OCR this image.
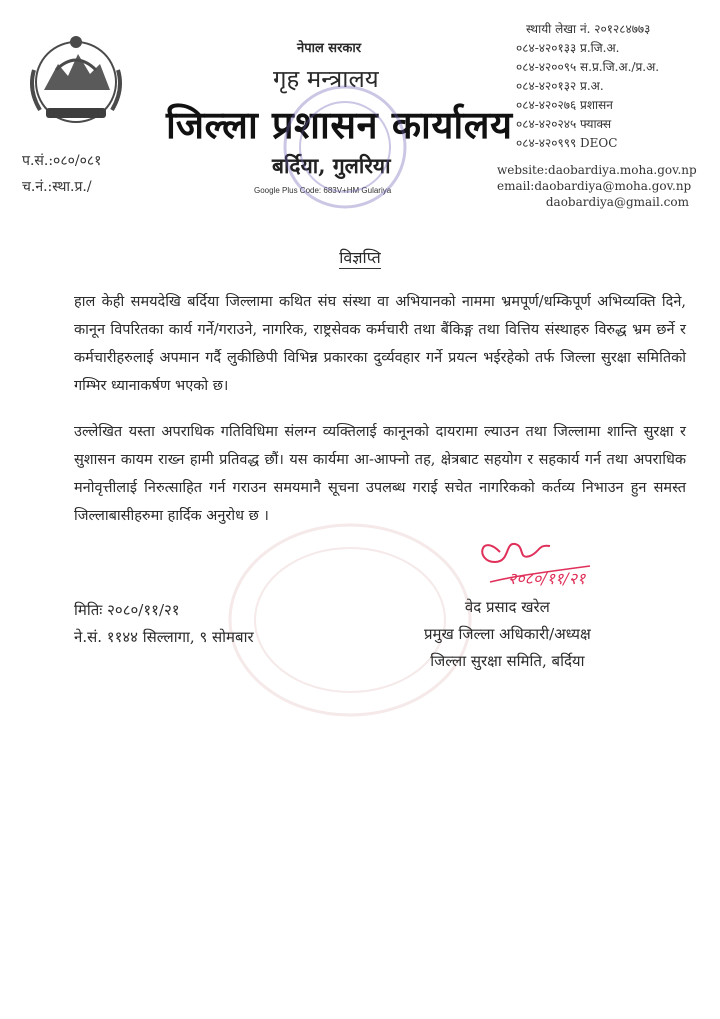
प.सं.:०८०/०८१
च.नं.:स्था.प्र./
नेपाल सरकार
गृह मन्त्रालय
जिल्ला प्रशासन कार्यालय
बर्दिया, गुलरिया
Google Plus Code: 683V+HM Gulariya
स्थायी लेखा नं. २०१२८४७७३
०८४-४२०१३३ प्र.जि.अ.
०८४-४२००९५ स.प्र.जि.अ./प्र.अ.
०८४-४२०१३२ प्र.अ.
०८४-४२०२७६ प्रशासन
०८४-४२०२४५ फ्याक्स
०८४-४२०९९९ DEOC
website:daobardiya.moha.gov.np
email:daobardiya@moha.gov.np
daobardiya@gmail.com
विज्ञप्ति
हाल केही समयदेखि बर्दिया जिल्लामा कथित संघ संस्था वा अभियानको नाममा भ्रमपूर्ण/धम्किपूर्ण अभिव्यक्ति दिने, कानून विपरितका कार्य गर्ने/गराउने, नागरिक, राष्ट्रसेवक कर्मचारी तथा बैंकिङ्ग तथा वित्तिय संस्थाहरु विरुद्ध भ्रम छर्ने र कर्मचारीहरुलाई अपमान गर्दै लुकीछिपी विभिन्न प्रकारका दुर्व्यवहार गर्ने प्रयत्न भईरहेको तर्फ जिल्ला सुरक्षा समितिको गम्भिर ध्यानाकर्षण भएको छ।
उल्लेखित यस्ता अपराधिक गतिविधिमा संलग्न व्यक्तिलाई कानूनको दायरामा ल्याउन तथा जिल्लामा शान्ति सुरक्षा र सुशासन कायम राख्न हामी प्रतिवद्ध छौं। यस कार्यमा आ-आफ्नो तह, क्षेत्रबाट सहयोग र सहकार्य गर्न तथा अपराधिक मनोवृत्तीलाई निरुत्साहित गर्न गराउन समयमानै सूचना उपलब्ध गराई सचेत नागरिकको कर्तव्य निभाउन हुन समस्त जिल्लाबासीहरुमा हार्दिक अनुरोध छ ।
२०८०/११/२१
मितिः २०८०/११/२१
ने.सं. ११४४ सिल्लागा, ९ सोमबार
वेद प्रसाद खरेल
प्रमुख जिल्ला अधिकारी/अध्यक्ष
जिल्ला सुरक्षा समिति, बर्दिया
